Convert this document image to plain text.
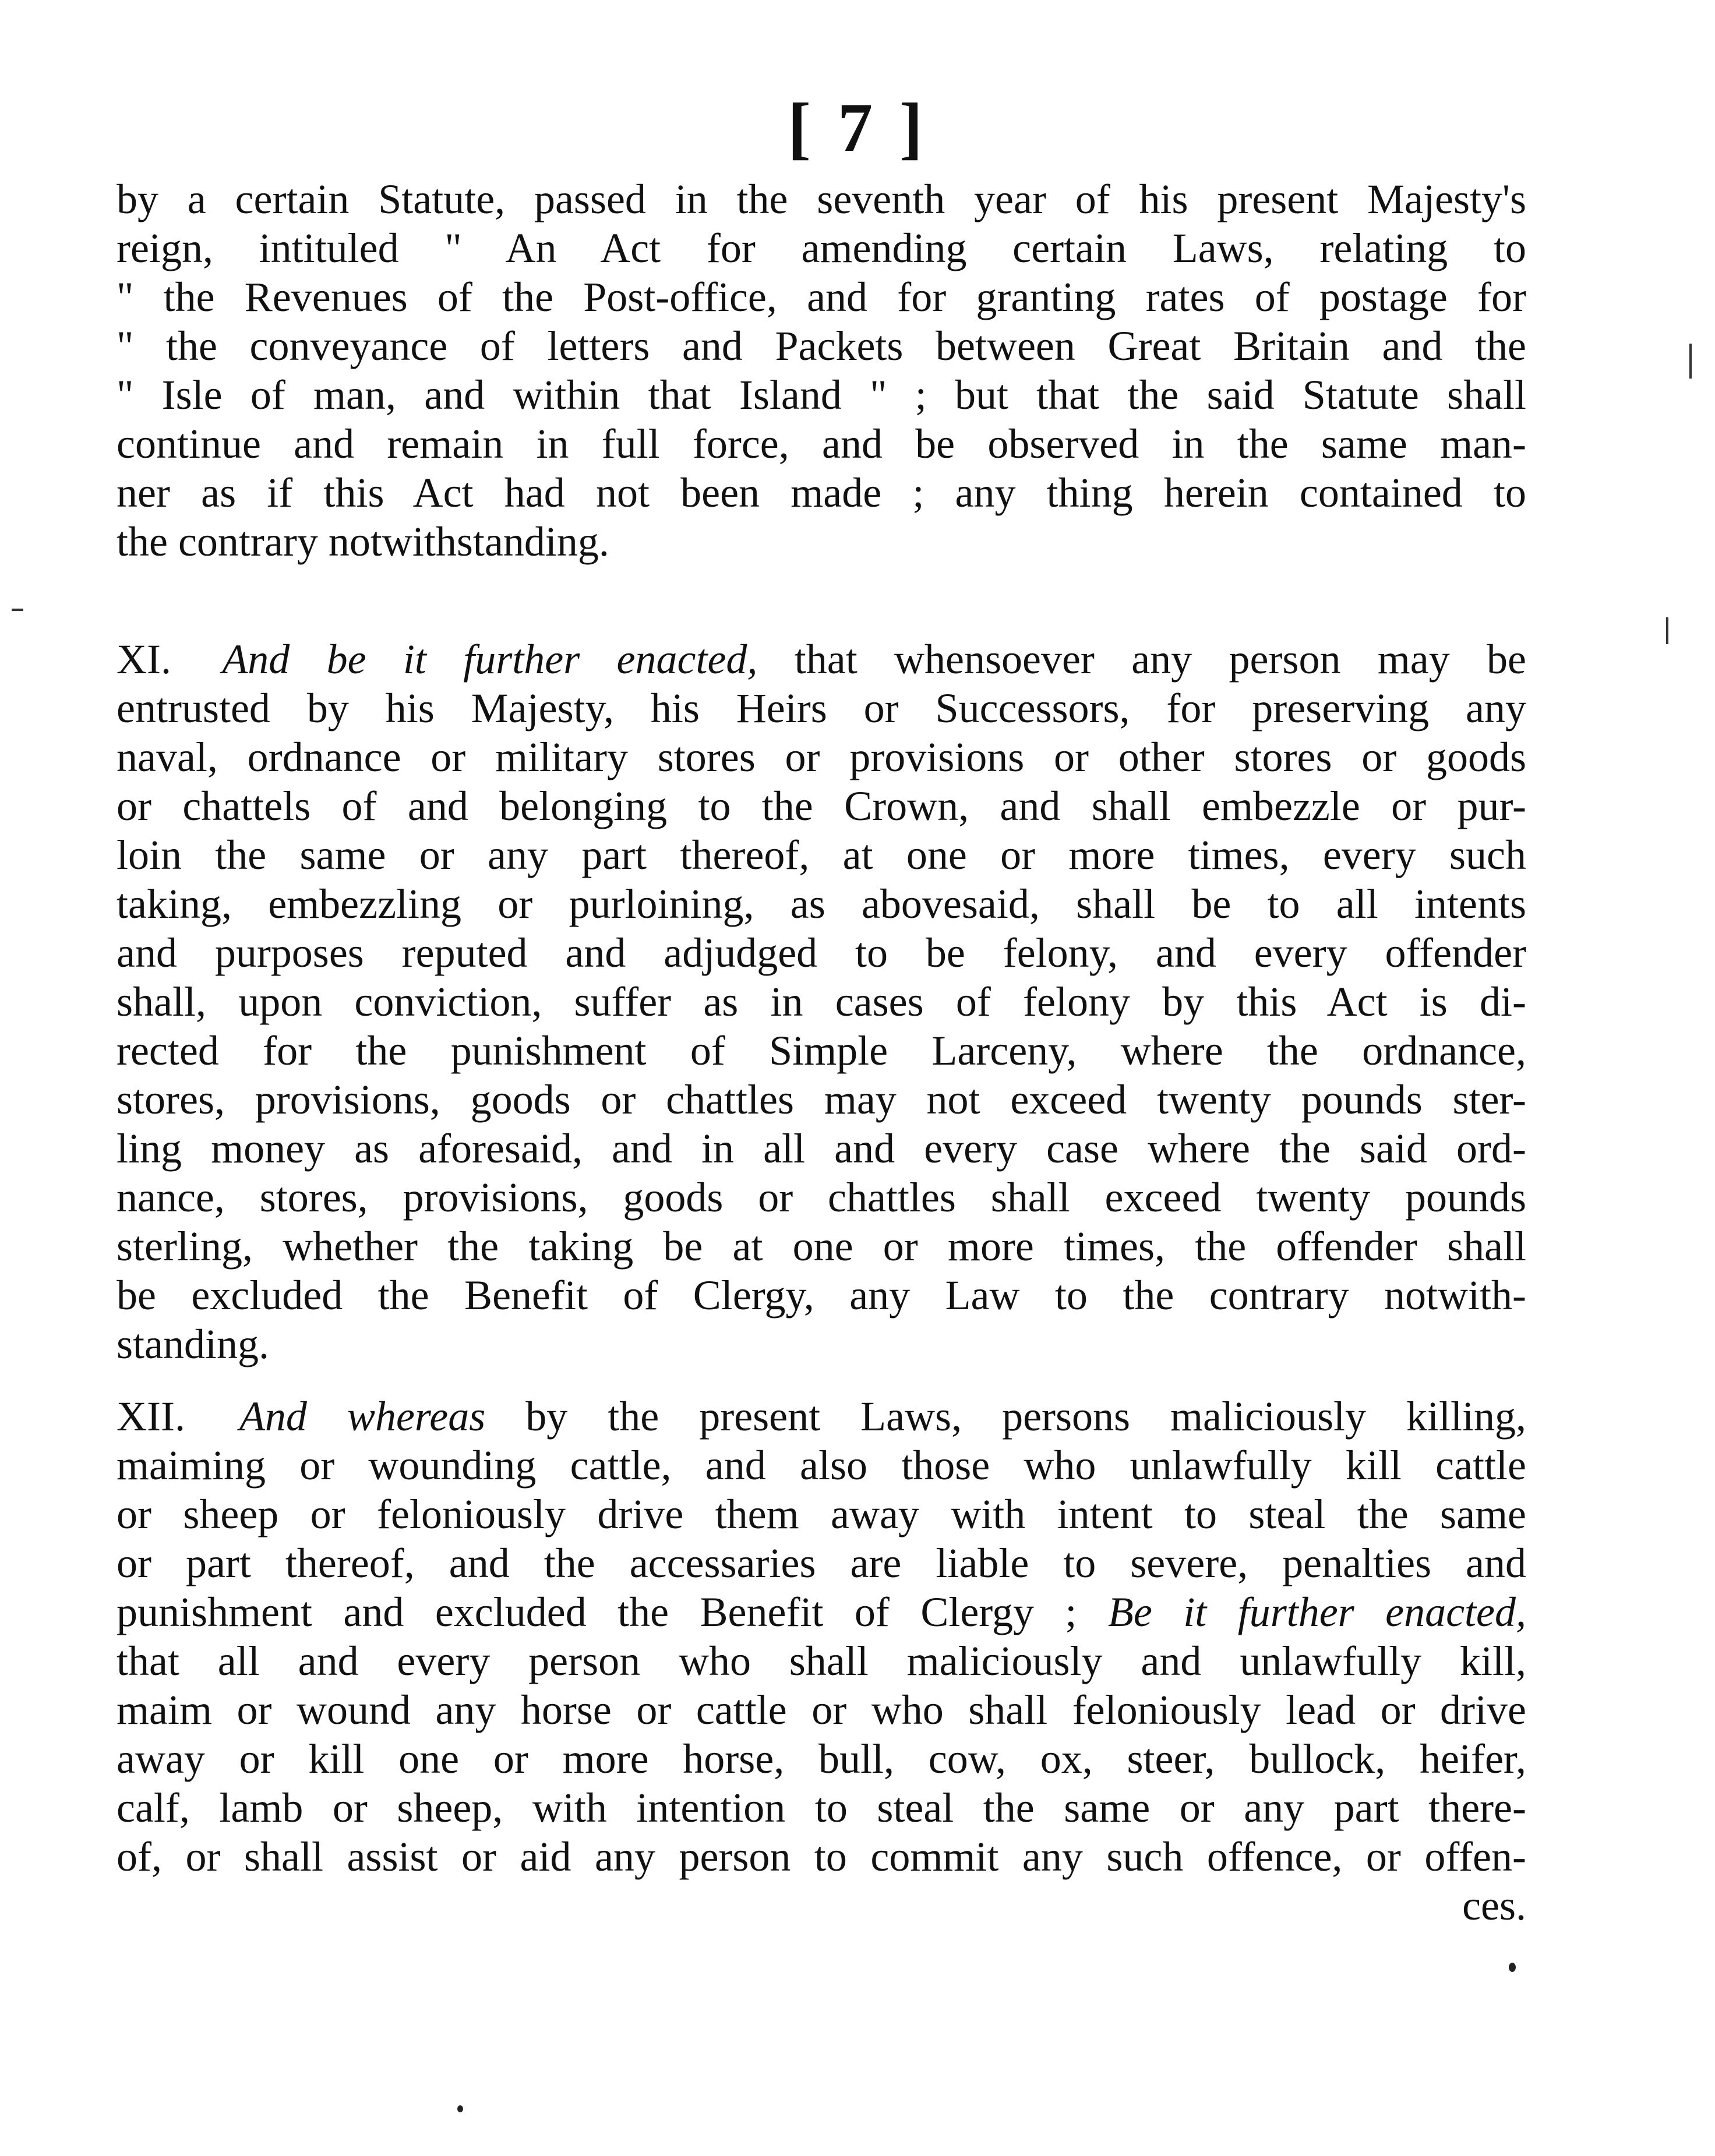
[ 7 ]
by a certain Statute, passed in the seventh year of his present Majesty's
reign, intituled " An Act for amending certain Laws, relating to
" the Revenues of the Post-office, and for granting rates of postage for
" the conveyance of letters and Packets between Great Britain and the
" Isle of man, and within that Island " ; but that the said Statute shall
continue and remain in full force, and be observed in the same man-
ner as if this Act had not been made ; any thing herein contained to
the contrary notwithstanding.
XI. And be it further enacted, that whensoever any person may be
entrusted by his Majesty, his Heirs or Successors, for preserving any
naval, ordnance or military stores or provisions or other stores or goods
or chattels of and belonging to the Crown, and shall embezzle or pur-
loin the same or any part thereof, at one or more times, every such
taking, embezzling or purloining, as abovesaid, shall be to all intents
and purposes reputed and adjudged to be felony, and every offender
shall, upon conviction, suffer as in cases of felony by this Act is di-
rected for the punishment of Simple Larceny, where the ordnance,
stores, provisions, goods or chattles may not exceed twenty pounds ster-
ling money as aforesaid, and in all and every case where the said ord-
nance, stores, provisions, goods or chattles shall exceed twenty pounds
sterling, whether the taking be at one or more times, the offender shall
be excluded the Benefit of Clergy, any Law to the contrary notwith-
standing.
XII. And whereas by the present Laws, persons maliciously killing,
maiming or wounding cattle, and also those who unlawfully kill cattle
or sheep or feloniously drive them away with intent to steal the same
or part thereof, and the accessaries are liable to severe, penalties and
punishment and excluded the Benefit of Clergy ; Be it further enacted,
that all and every person who shall maliciously and unlawfully kill,
maim or wound any horse or cattle or who shall feloniously lead or drive
away or kill one or more horse, bull, cow, ox, steer, bullock, heifer,
calf, lamb or sheep, with intention to steal the same or any part there-
of, or shall assist or aid any person to commit any such offence, or offen-
ces.
